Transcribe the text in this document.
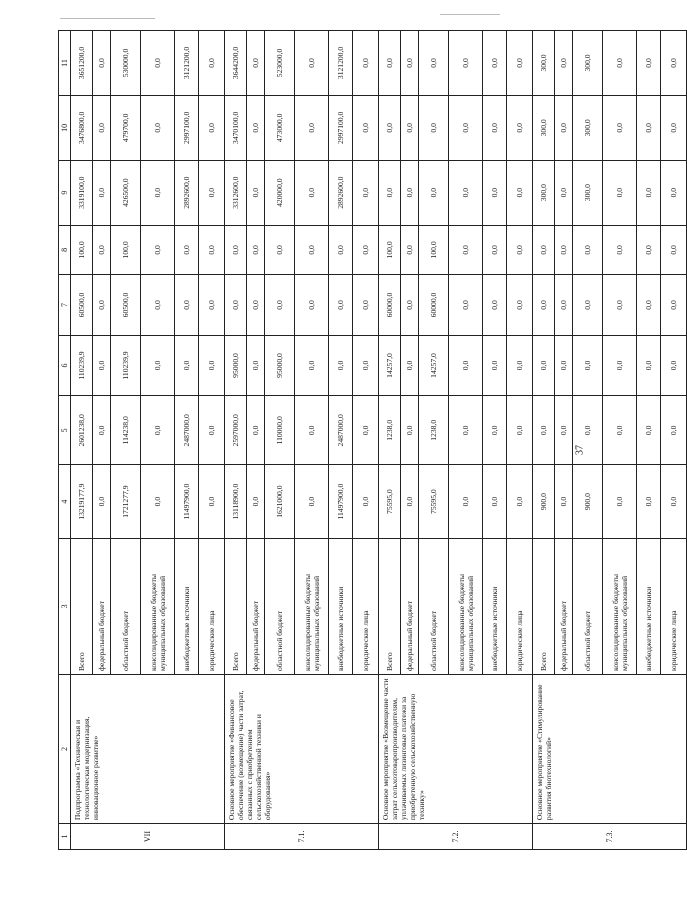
37
1	2	3	4	5	6	7	8	9	10	11
VII	Подпрограмма «Техническая и технологическая модернизация, инновационное развитие»	Всего	13219177,9	2601238,0	110239,9	60500,0	100,0	3319100,0	3476800,0	3651200,0
		федеральный бюджет	0,0	0,0	0,0	0,0	0,0	0,0	0,0	0,0
		областной бюджет	1721277,9	114238,0	110239,9	60500,0	100,0	426500,0	479700,0	530000,0
		консолидированные бюджеты муниципальных образований	0,0	0,0	0,0	0,0	0,0	0,0	0,0	0,0
		внебюджетные источники	11497900,0	2487000,0	0,0	0,0	0,0	2892600,0	2997100,0	3121200,0
		юридические лица	0,0	0,0	0,0	0,0	0,0	0,0	0,0	0,0
7.1.	Основное мероприятие «Финансовое обеспечение (возмещение) части затрат, связанных с приобретением сельскохозяйственной техники и оборудования»	Всего	13118900,0	2597000,0	95000,0	0,0	0,0	3312600,0	3470100,0	3644200,0
		федеральный бюджет	0,0	0,0	0,0	0,0	0,0	0,0	0,0	0,0
		областной бюджет	1621000,0	110000,0	95000,0	0,0	0,0	420000,0	473000,0	523000,0
		консолидированные бюджеты муниципальных образований	0,0	0,0	0,0	0,0	0,0	0,0	0,0	0,0
		внебюджетные источники	11497900,0	2487000,0	0,0	0,0	0,0	2892600,0	2997100,0	3121200,0
		юридические лица	0,0	0,0	0,0	0,0	0,0	0,0	0,0	0,0
7.2.	Основное мероприятие «Возмещение части затрат сельхозтоваропроизводителям, уплачиваемых лизинговые платежи за приобретенную сельскохозяйственную технику»	Всего	75595,0	1238,0	14257,0	60000,0	100,0	0,0	0,0	0,0
		федеральный бюджет	0,0	0,0	0,0	0,0	0,0	0,0	0,0	0,0
		областной бюджет	75595,0	1238,0	14257,0	60000,0	100,0	0,0	0,0	0,0
		консолидированные бюджеты муниципальных образований	0,0	0,0	0,0	0,0	0,0	0,0	0,0	0,0
		внебюджетные источники	0,0	0,0	0,0	0,0	0,0	0,0	0,0	0,0
		юридические лица	0,0	0,0	0,0	0,0	0,0	0,0	0,0	0,0
7.3.	Основное мероприятие «Стимулирование развития биотехнологий»	Всего	900,0	0,0	0,0	0,0	0,0	300,0	300,0	300,0
		федеральный бюджет	0,0	0,0	0,0	0,0	0,0	0,0	0,0	0,0
		областной бюджет	900,0	0,0	0,0	0,0	0,0	300,0	300,0	300,0
		консолидированные бюджеты муниципальных образований	0,0	0,0	0,0	0,0	0,0	0,0	0,0	0,0
		внебюджетные источники	0,0	0,0	0,0	0,0	0,0	0,0	0,0	0,0
		юридические лица	0,0	0,0	0,0	0,0	0,0	0,0	0,0	0,0
